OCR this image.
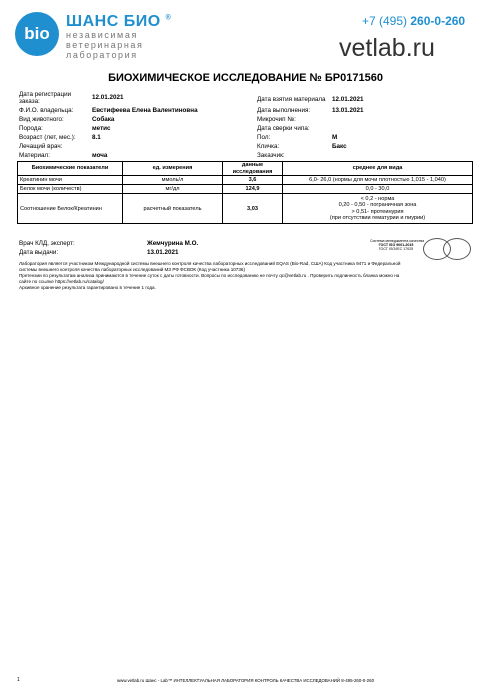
bio
ШАНС БИО ®
независимая
ветеринарная
лаборатория
+7 (495) 260-0-260
vetlab.ru
БИОХИМИЧЕСКОЕ ИССЛЕДОВАНИЕ № БР0171560
Дата регистрации
заказа:
12.01.2021
Ф.И.О. владельца:	Евстифеева Елена Валентиновна
Вид животного:	Собака
Порода:	метис
Возраст (лет, мес.):	8.1
Лечащий врач:
Материал:	моча
Дата взятия материала 12.01.2021
Дата выполнения:	13.01.2021
Микрочип №:
Дата сверки чипа:
Пол:	М
Кличка:	Бакс
Заказчик:
Биохимические показатели	ед. измерения	данные исследования	среднее для вида
Креатинин мочи	ммоль/л	3,6	6,0- 26,0 (нормы для мочи плотностью 1,015 - 1,040)
Белок мочи (количеств)	мг/дл	124,9	0,0 - 30,0
Соотношение Белок/Креатинин	расчетный показатель	3,03	< 0,2 - норма
0,20 - 0,50 - пограничная зона
> 0,51- протеинурия
(при отсутствии гематурии и пиурии)
Врач КЛД, эксперт:	Жемчурина М.О.
Дата выдачи:	13.01.2021
Система менеджмента качества
ГОСТ ISO 9001-2015
ГОСТ ISO/IEC 17025
Лаборатория является участником Международной системы внешнего контроля качества лабораторных исследований EQAS (Bio-Rad, США) Код участника 9471 и Федеральной
системы внешнего контроля качества лабораторных исследований МЗ РФ ФСВОК (Код участника 10736)
Претензии по результатам анализа принимаются в течение суток с даты готовности. Вопросы по исследованию не почту qc@vetlab.ru . Проверить подлинность бланка можно на
сайте по ссылке https://vetlab.ru/catalog/
Архивное хранение результата гарантировано в течение 1 года.
www.vetlab.ru Шанс - Lab™ ИНТЕЛЛЕКТУАЛЬНАЯ ЛАБОРАТОРИЯ КОНТРОЛЬ КАЧЕСТВА ИССЛЕДОВАНИЙ 8-495-260-0-260
1
